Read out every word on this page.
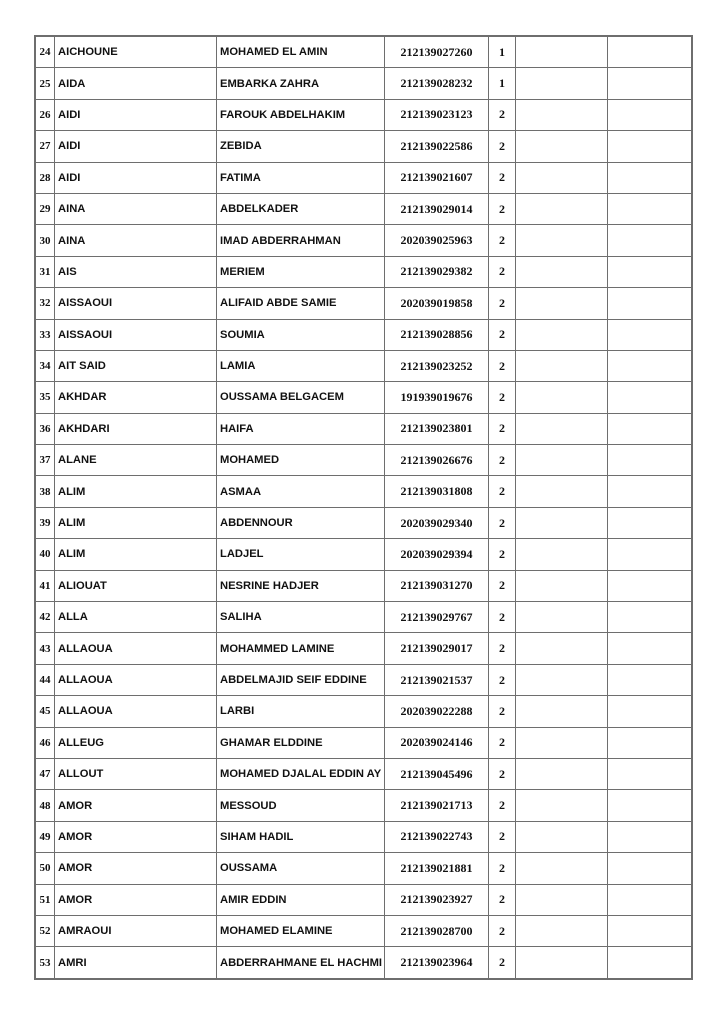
24	AICHOUNE	MOHAMED EL AMIN	212139027260	1		
25	AIDA	EMBARKA ZAHRA	212139028232	1		
26	AIDI	FAROUK ABDELHAKIM	212139023123	2		
27	AIDI	ZEBIDA	212139022586	2		
28	AIDI	FATIMA	212139021607	2		
29	AINA	ABDELKADER	212139029014	2		
30	AINA	IMAD ABDERRAHMAN	202039025963	2		
31	AIS	MERIEM	212139029382	2		
32	AISSAOUI	ALIFAID ABDE SAMIE	202039019858	2		
33	AISSAOUI	SOUMIA	212139028856	2		
34	AIT SAID	LAMIA	212139023252	2		
35	AKHDAR	OUSSAMA BELGACEM	191939019676	2		
36	AKHDARI	HAIFA	212139023801	2		
37	ALANE	MOHAMED	212139026676	2		
38	ALIM	ASMAA	212139031808	2		
39	ALIM	ABDENNOUR	202039029340	2		
40	ALIM	LADJEL	202039029394	2		
41	ALIOUAT	NESRINE HADJER	212139031270	2		
42	ALLA	SALIHA	212139029767	2		
43	ALLAOUA	MOHAMMED LAMINE	212139029017	2		
44	ALLAOUA	ABDELMAJID SEIF EDDINE	212139021537	2		
45	ALLAOUA	LARBI	202039022288	2		
46	ALLEUG	GHAMAR ELDDINE	202039024146	2		
47	ALLOUT	MOHAMED DJALAL EDDIN AY	212139045496	2		
48	AMOR	MESSOUD	212139021713	2		
49	AMOR	SIHAM HADIL	212139022743	2		
50	AMOR	OUSSAMA	212139021881	2		
51	AMOR	AMIR EDDIN	212139023927	2		
52	AMRAOUI	MOHAMED ELAMINE	212139028700	2		
53	AMRI	ABDERRAHMANE EL HACHMI	212139023964	2		
